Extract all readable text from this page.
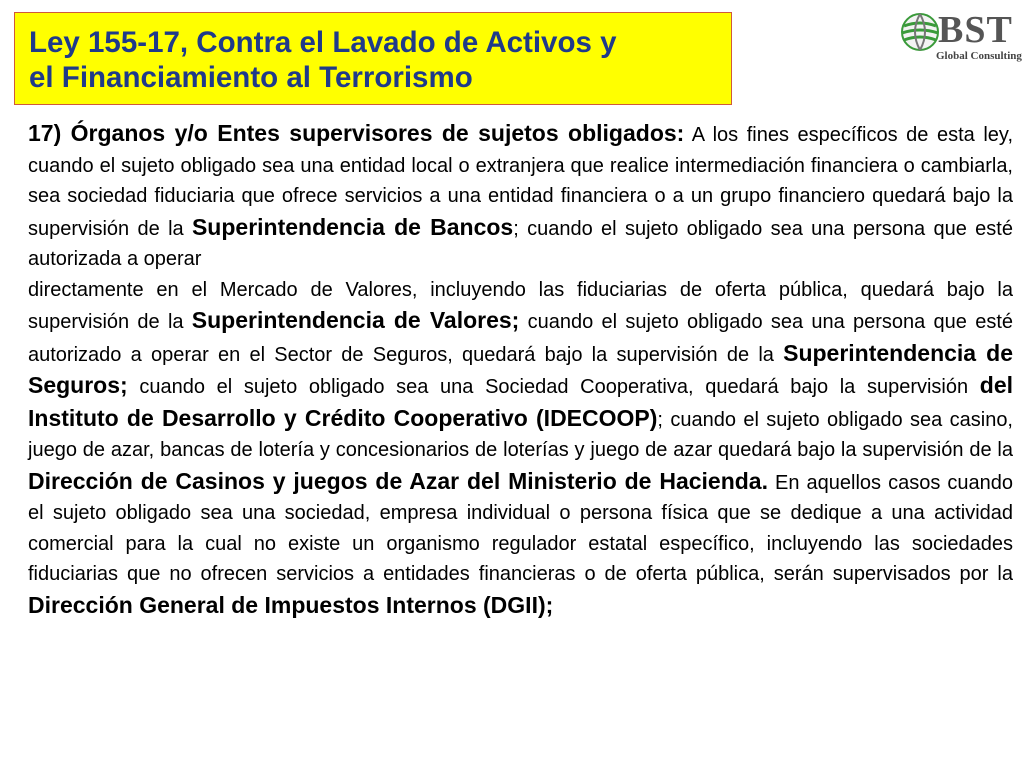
Ley 155-17, Contra el Lavado de Activos y
el Financiamiento al Terrorismo
BST
Global Consulting

17) Órganos y/o Entes supervisores de sujetos obligados: A los fines específicos de esta ley, cuando el sujeto obligado sea una entidad local o extranjera que realice intermediación financiera o cambiarla, sea sociedad fiduciaria que ofrece servicios a una entidad financiera o a un grupo financiero quedará bajo la supervisión de la Superintendencia de Bancos; cuando el sujeto obligado sea una persona que esté autorizada a operar

directamente en el Mercado de Valores, incluyendo las fiduciarias de oferta pública, quedará bajo la supervisión de la Superintendencia de Valores; cuando el sujeto obligado sea una persona que esté autorizado a operar en el Sector de Seguros, quedará bajo la supervisión de la Superintendencia de Seguros; cuando el sujeto obligado sea una Sociedad Cooperativa, quedará bajo la supervisión del Instituto de Desarrollo y Crédito Cooperativo (IDECOOP); cuando el sujeto obligado sea casino, juego de azar, bancas de lotería y concesionarios de loterías y juego de azar quedará bajo la supervisión de la Dirección de Casinos y juegos de Azar del Ministerio de Hacienda. En aquellos casos cuando el sujeto obligado sea una sociedad, empresa individual o persona física que se dedique a una actividad comercial para la cual no existe un organismo regulador estatal específico, incluyendo las sociedades fiduciarias que no ofrecen servicios a entidades financieras o de oferta pública, serán supervisados por la Dirección General de Impuestos Internos (DGII);
